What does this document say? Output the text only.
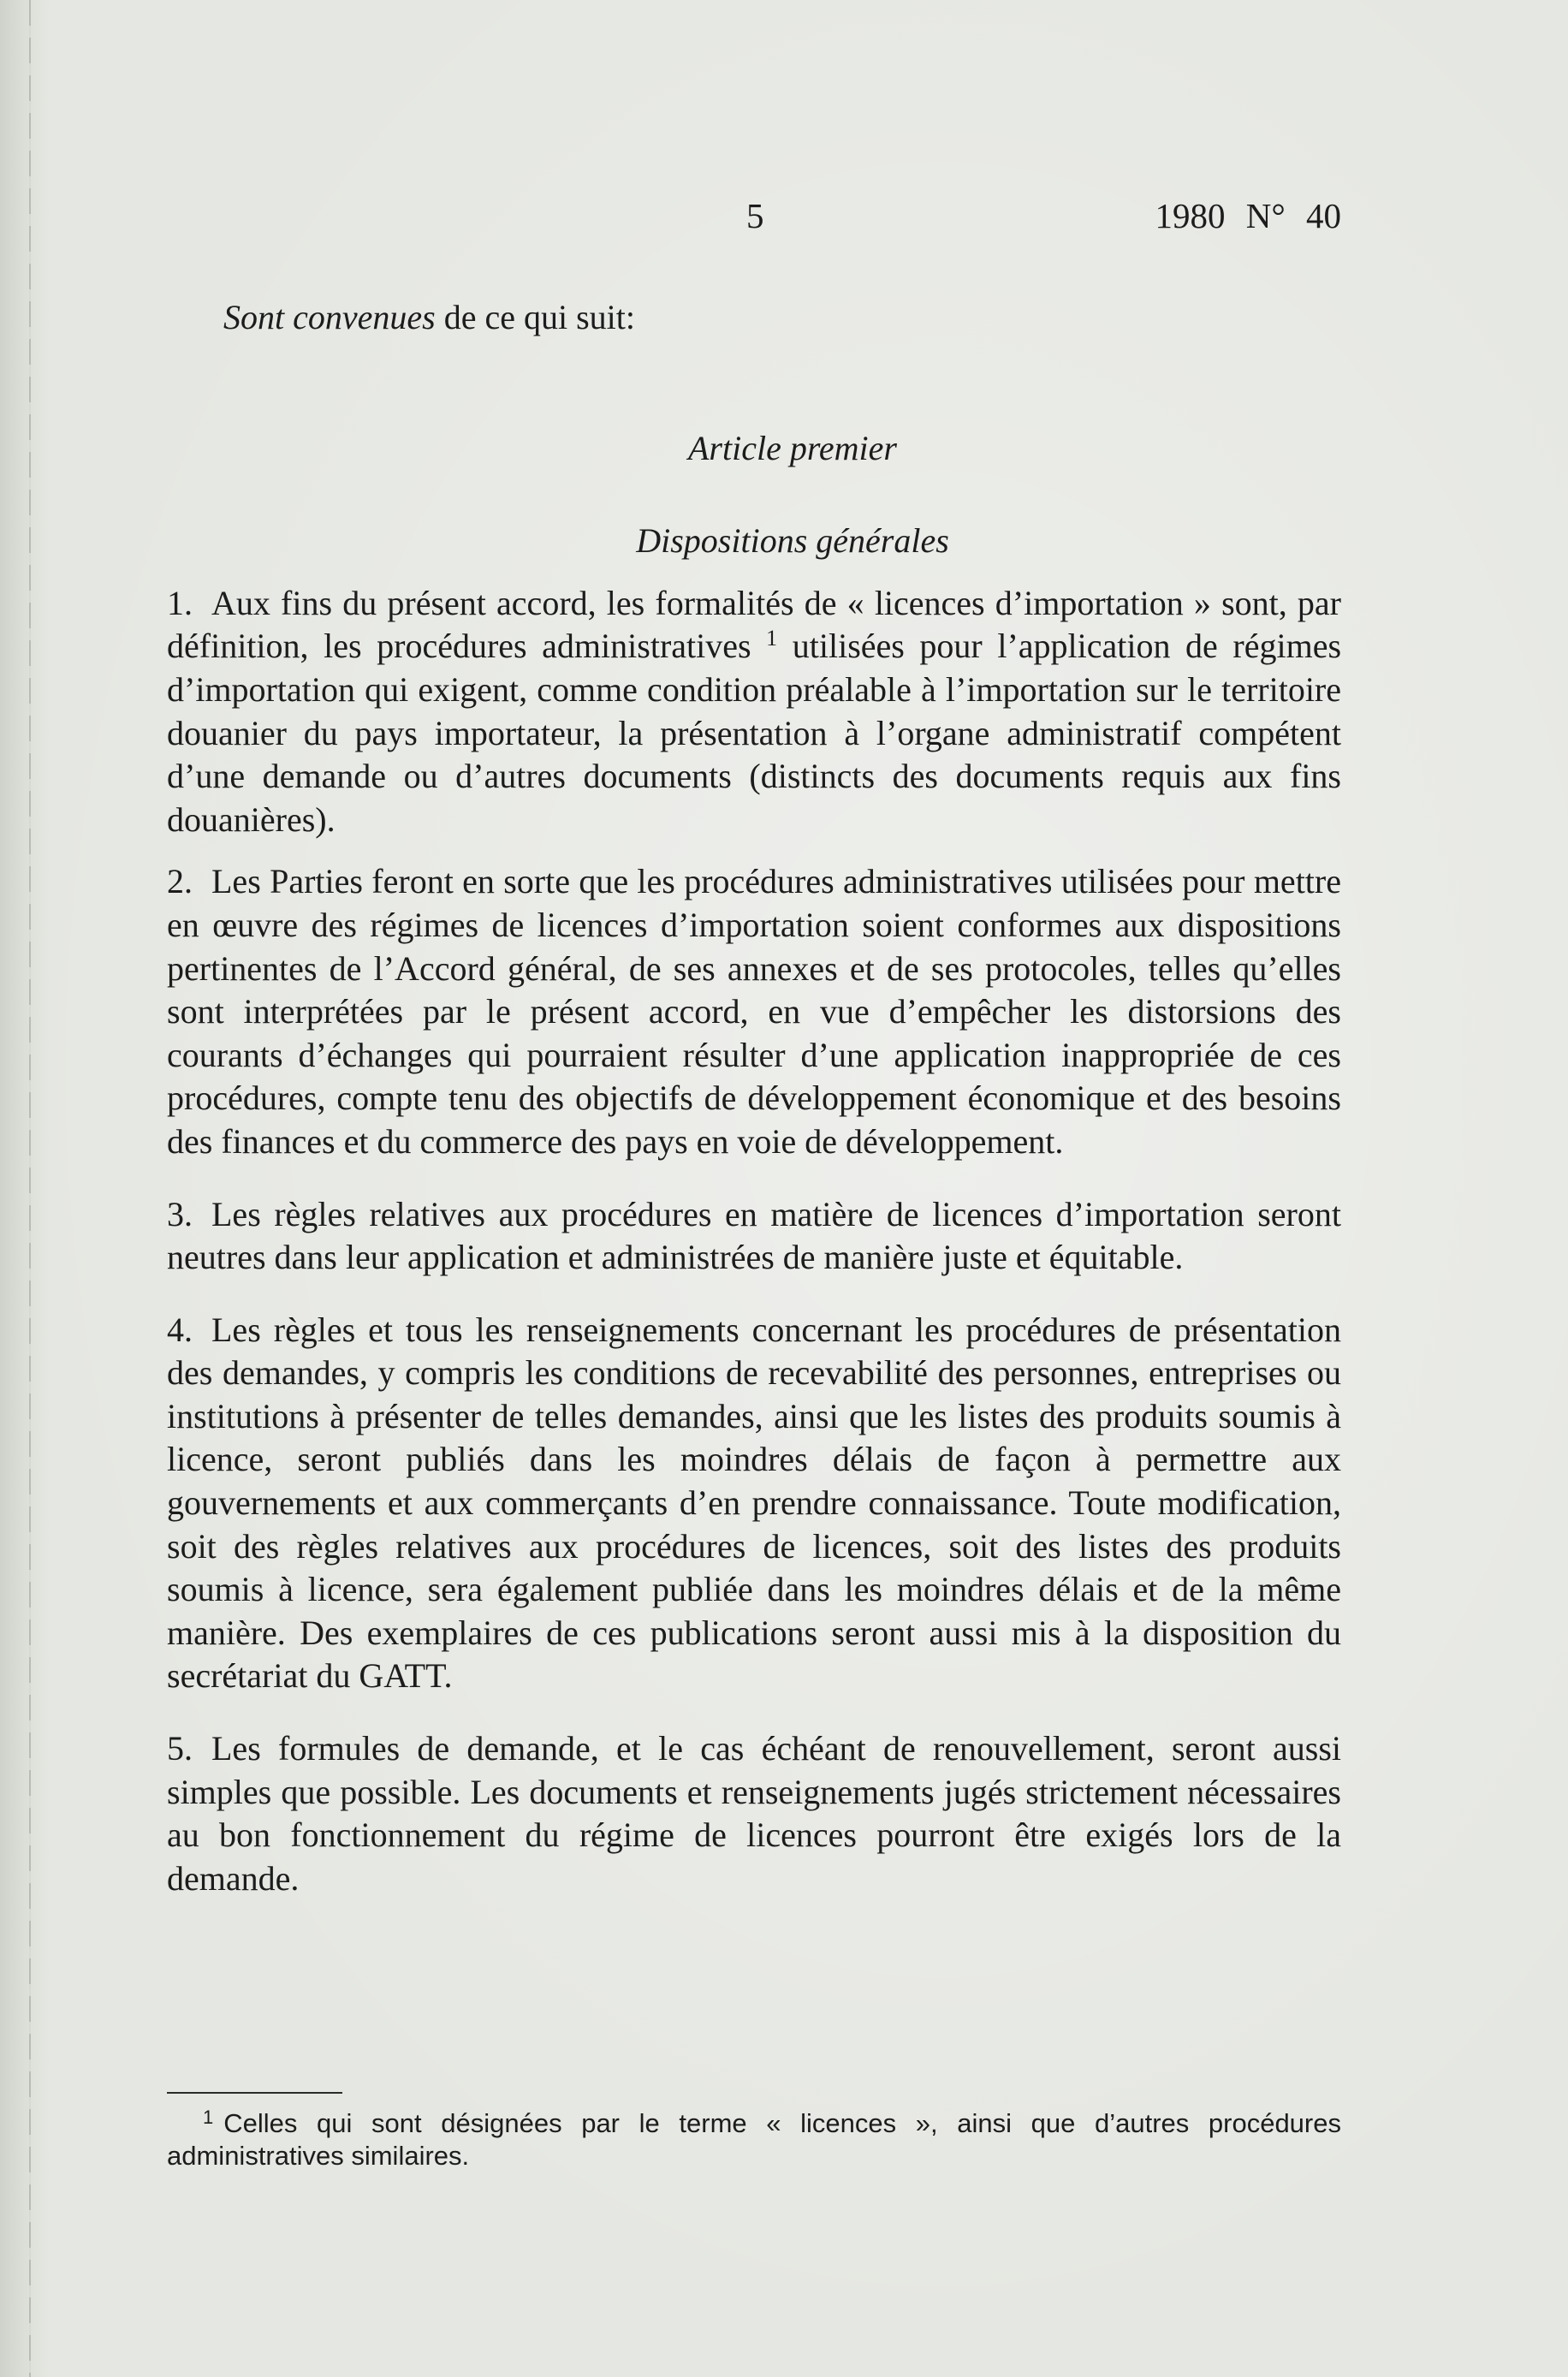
5	1980 N° 40

Sont convenues de ce qui suit:

Article premier

Dispositions générales

1. Aux fins du présent accord, les formalités de « licences d’importation » sont, par définition, les procédures administratives $^1$ utilisées pour l’application de régimes d’importation qui exigent, comme condition préalable à l’importation sur le territoire douanier du pays importateur, la présentation à l’organe administratif compétent d’une demande ou d’autres documents (distincts des documents requis aux fins douanières).

2. Les Parties feront en sorte que les procédures administratives utilisées pour mettre en œuvre des régimes de licences d’importation soient conformes aux dispositions pertinentes de l’Accord général, de ses annexes et de ses protocoles, telles qu’elles sont interprétées par le présent accord, en vue d’empêcher les distorsions des courants d’échanges qui pourraient résulter d’une application inappropriée de ces procédures, compte tenu des objectifs de développement économique et des besoins des finances et du commerce des pays en voie de développement.

3. Les règles relatives aux procédures en matière de licences d’importation seront neutres dans leur application et administrées de manière juste et équitable.

4. Les règles et tous les renseignements concernant les procédures de présentation des demandes, y compris les conditions de recevabilité des personnes, entreprises ou institutions à présenter de telles demandes, ainsi que les listes des produits soumis à licence, seront publiés dans les moindres délais de façon à permettre aux gouvernements et aux commerçants d’en prendre connaissance. Toute modification, soit des règles relatives aux procédures de licences, soit des listes des produits soumis à licence, sera également publiée dans les moindres délais et de la même manière. Des exemplaires de ces publications seront aussi mis à la disposition du secrétariat du GATT.

5. Les formules de demande, et le cas échéant de renouvellement, seront aussi simples que possible. Les documents et renseignements jugés strictement nécessaires au bon fonctionnement du régime de licences pourront être exigés lors de la demande.

1 Celles qui sont désignées par le terme « licences », ainsi que d’autres procédures administratives similaires.
